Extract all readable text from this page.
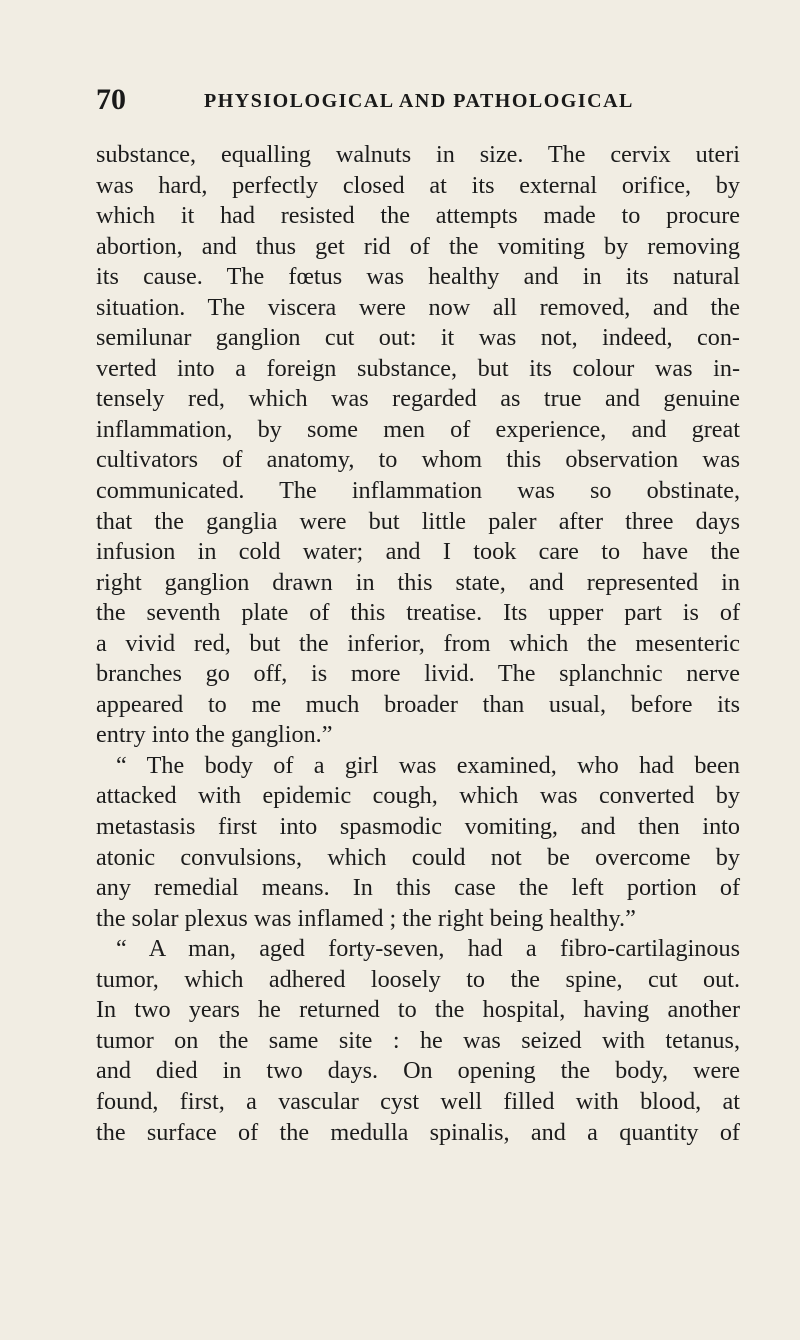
70	PHYSIOLOGICAL AND PATHOLOGICAL
substance, equalling walnuts in size. The cervix uteri
was hard, perfectly closed at its external orifice, by
which it had resisted the attempts made to procure
abortion, and thus get rid of the vomiting by removing
its cause. The fœtus was healthy and in its natural
situation. The viscera were now all removed, and the
semilunar ganglion cut out: it was not, indeed, con-
verted into a foreign substance, but its colour was in-
tensely red, which was regarded as true and genuine
inflammation, by some men of experience, and great
cultivators of anatomy, to whom this observation was
communicated. The inflammation was so obstinate,
that the ganglia were but little paler after three days
infusion in cold water; and I took care to have the
right ganglion drawn in this state, and represented in
the seventh plate of this treatise. Its upper part is of
a vivid red, but the inferior, from which the mesenteric
branches go off, is more livid. The splanchnic nerve
appeared to me much broader than usual, before its
entry into the ganglion.”
“ The body of a girl was examined, who had been
attacked with epidemic cough, which was converted by
metastasis first into spasmodic vomiting, and then into
atonic convulsions, which could not be overcome by
any remedial means. In this case the left portion of
the solar plexus was inflamed ; the right being healthy.”
“ A man, aged forty-seven, had a fibro-cartilaginous
tumor, which adhered loosely to the spine, cut out.
In two years he returned to the hospital, having another
tumor on the same site : he was seized with tetanus,
and died in two days. On opening the body, were
found, first, a vascular cyst well filled with blood, at
the surface of the medulla spinalis, and a quantity of
